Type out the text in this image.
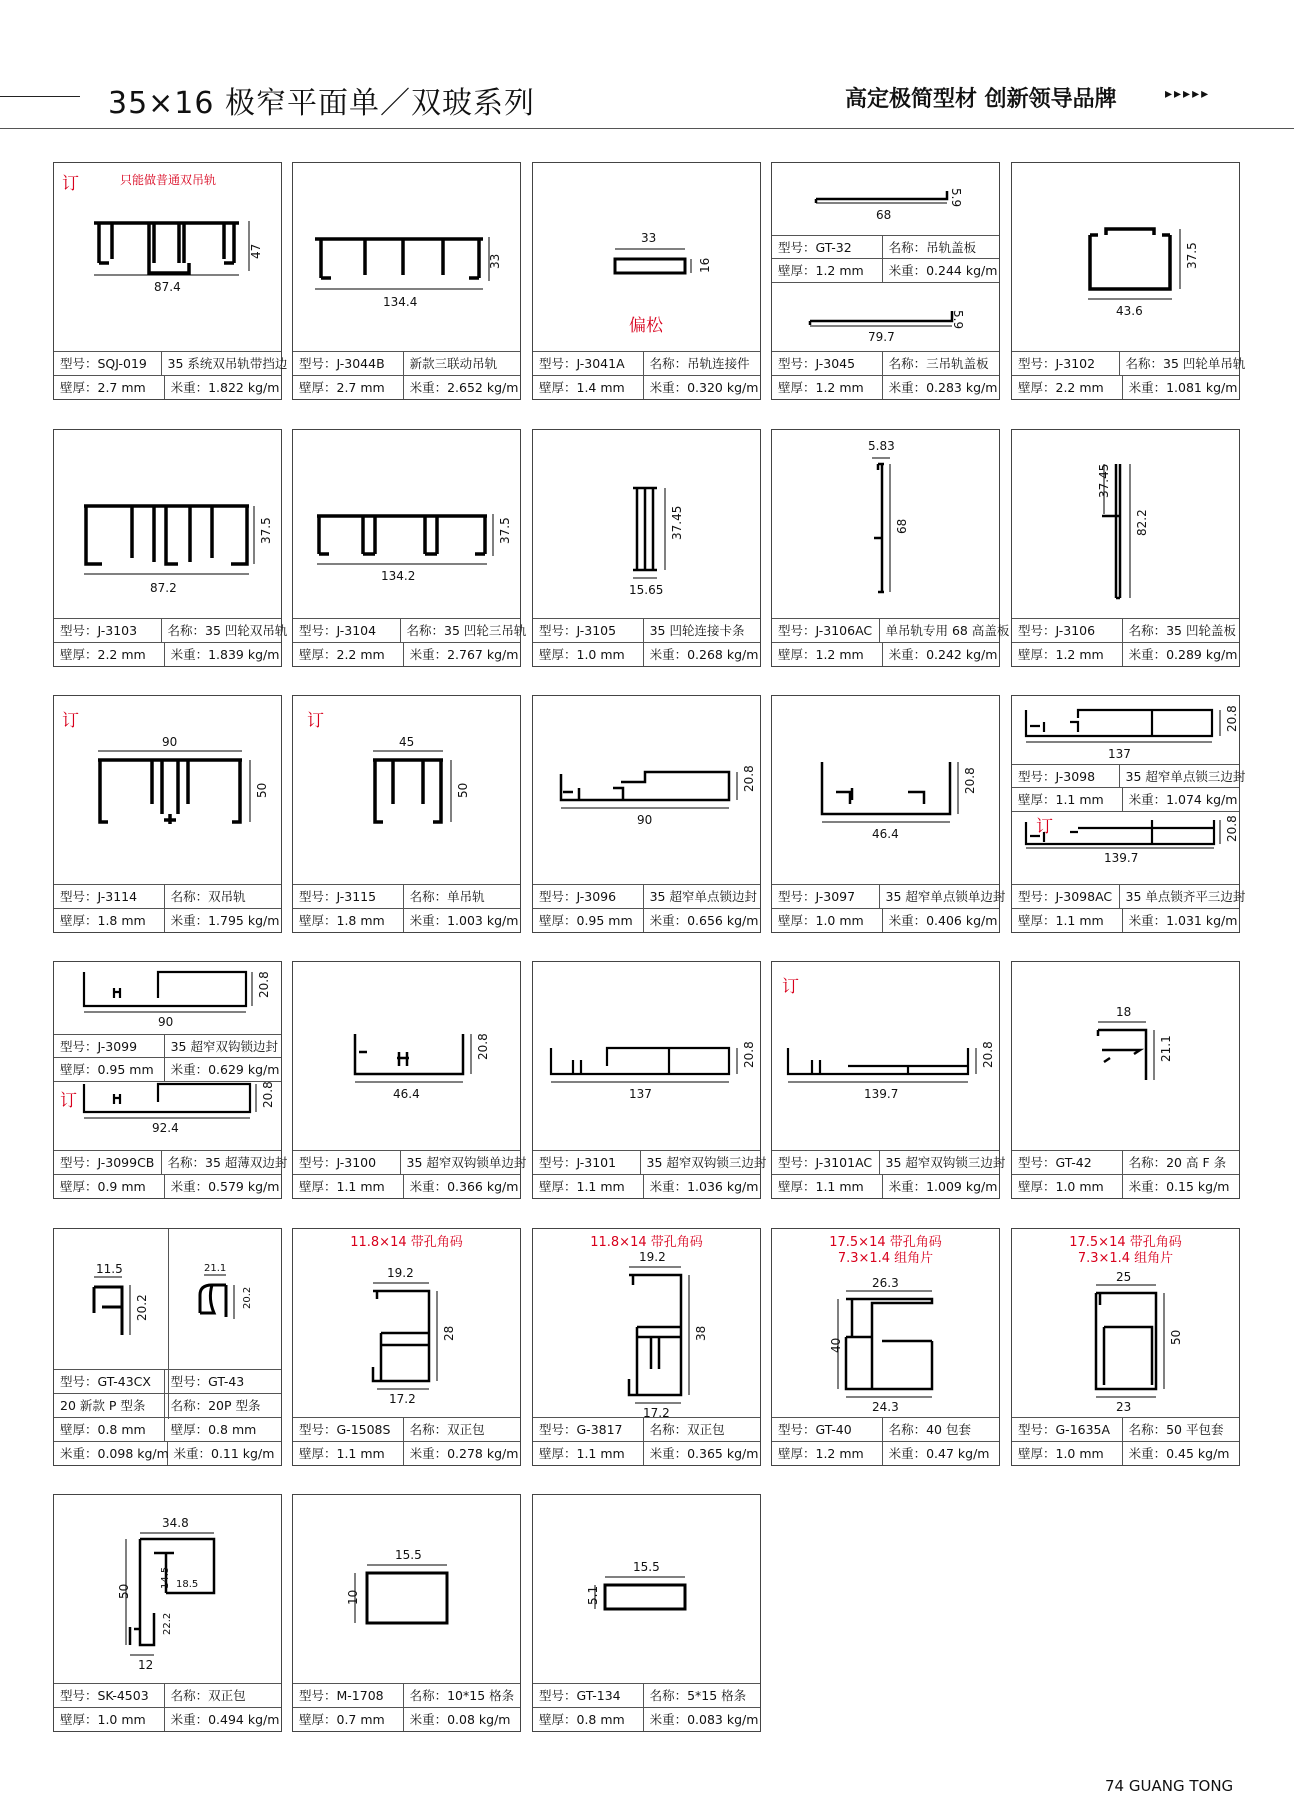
35×16 极窄平面单／双玻系列	高定极简型材 创新领导品牌	▸▸▸▸▸
订	只能做普通双吊轨
87.4
47
型号：SQJ-019	35 系统双吊轨带挡边
壁厚：2.7 mm	米重：1.822 kg/m
134.4
33
型号：J-3044B	新款三联动吊轨
壁厚：2.7 mm	米重：2.652 kg/m
偏松
33
16
型号：J-3041A	名称：吊轨连接件
壁厚：1.4 mm	米重：0.320 kg/m
68
5.9
79.7
5.9
型号：GT-32	名称：吊轨盖板
壁厚：1.2 mm	米重：0.244 kg/m
型号：J-3045	名称：三吊轨盖板
壁厚：1.2 mm	米重：0.283 kg/m
43.6
37.5
型号：J-3102	名称：35 凹轮单吊轨
壁厚：2.2 mm	米重：1.081 kg/m
87.2
37.5
型号：J-3103	名称：35 凹轮双吊轨
壁厚：2.2 mm	米重：1.839 kg/m
134.2
37.5
型号：J-3104	名称：35 凹轮三吊轨
壁厚：2.2 mm	米重：2.767 kg/m
15.65
37.45
型号：J-3105	35 凹轮连接卡条
壁厚：1.0 mm	米重：0.268 kg/m
5.83
68
型号：J-3106AC	单吊轨专用 68 高盖板
壁厚：1.2 mm	米重：0.242 kg/m
37.45
82.2
型号：J-3106	名称：35 凹轮盖板
壁厚：1.2 mm	米重：0.289 kg/m
订
90
50
型号：J-3114	名称：双吊轨
壁厚：1.8 mm	米重：1.795 kg/m
订
45
50
型号：J-3115	名称：单吊轨
壁厚：1.8 mm	米重：1.003 kg/m
90
20.8
型号：J-3096	35 超窄单点锁边封
壁厚：0.95 mm	米重：0.656 kg/m
46.4
20.8
型号：J-3097	35 超窄单点锁单边封
壁厚：1.0 mm	米重：0.406 kg/m
137
20.8
139.7
20.8
型号：J-3098	35 超窄单点锁三边封
壁厚：1.1 mm	米重：1.074 kg/m
订
型号：J-3098AC	35 单点锁齐平三边封
壁厚：1.1 mm	米重：1.031 kg/m
90
20.8
92.4
20.8
型号：J-3099	35 超窄双钩锁边封
壁厚：0.95 mm	米重：0.629 kg/m
订
型号：J-3099CB	名称：35 超薄双边封
壁厚：0.9 mm	米重：0.579 kg/m
46.4
20.8
型号：J-3100	35 超窄双钩锁单边封
壁厚：1.1 mm	米重：0.366 kg/m
137
20.8
型号：J-3101	35 超窄双钩锁三边封
壁厚：1.1 mm	米重：1.036 kg/m
订
139.7
20.8
型号：J-3101AC	35 超窄双钩锁三边封
壁厚：1.1 mm	米重：1.009 kg/m
18
21.1
型号：GT-42	名称：20 高 F 条
壁厚：1.0 mm	米重：0.15 kg/m
11.5
20.2
21.1
20.2
型号：GT-43CX	型号：GT-43
20 新款 P 型条	名称：20P 型条
壁厚：0.8 mm	壁厚：0.8 mm
米重：0.098 kg/m 米重：0.11 kg/m
11.8×14 带孔角码
19.2
28
17.2
型号：G-1508S	名称：双正包
壁厚：1.1 mm	米重：0.278 kg/m
11.8×14 带孔角码
19.2
38
17.2
型号：G-3817	名称：双正包
壁厚：1.1 mm	米重：0.365 kg/m
17.5×14 带孔角码
7.3×1.4 组角片
26.3
40
24.3
型号：GT-40	名称：40 包套
壁厚：1.2 mm	米重：0.47 kg/m
17.5×14 带孔角码
7.3×1.4 组角片
25
50
23
型号：G-1635A	名称：50 平包套
壁厚：1.0 mm	米重：0.45 kg/m
34.8
50
14.5 18.5
22.2
12
型号：SK-4503	名称：双正包
壁厚：1.0 mm	米重：0.494 kg/m
15.5
10
型号：M-1708	名称：10*15 格条
壁厚：0.7 mm	米重：0.08 kg/m
15.5
5.1
型号：GT-134	名称：5*15 格条
壁厚：0.8 mm	米重：0.083 kg/m
74 GUANG TONG
